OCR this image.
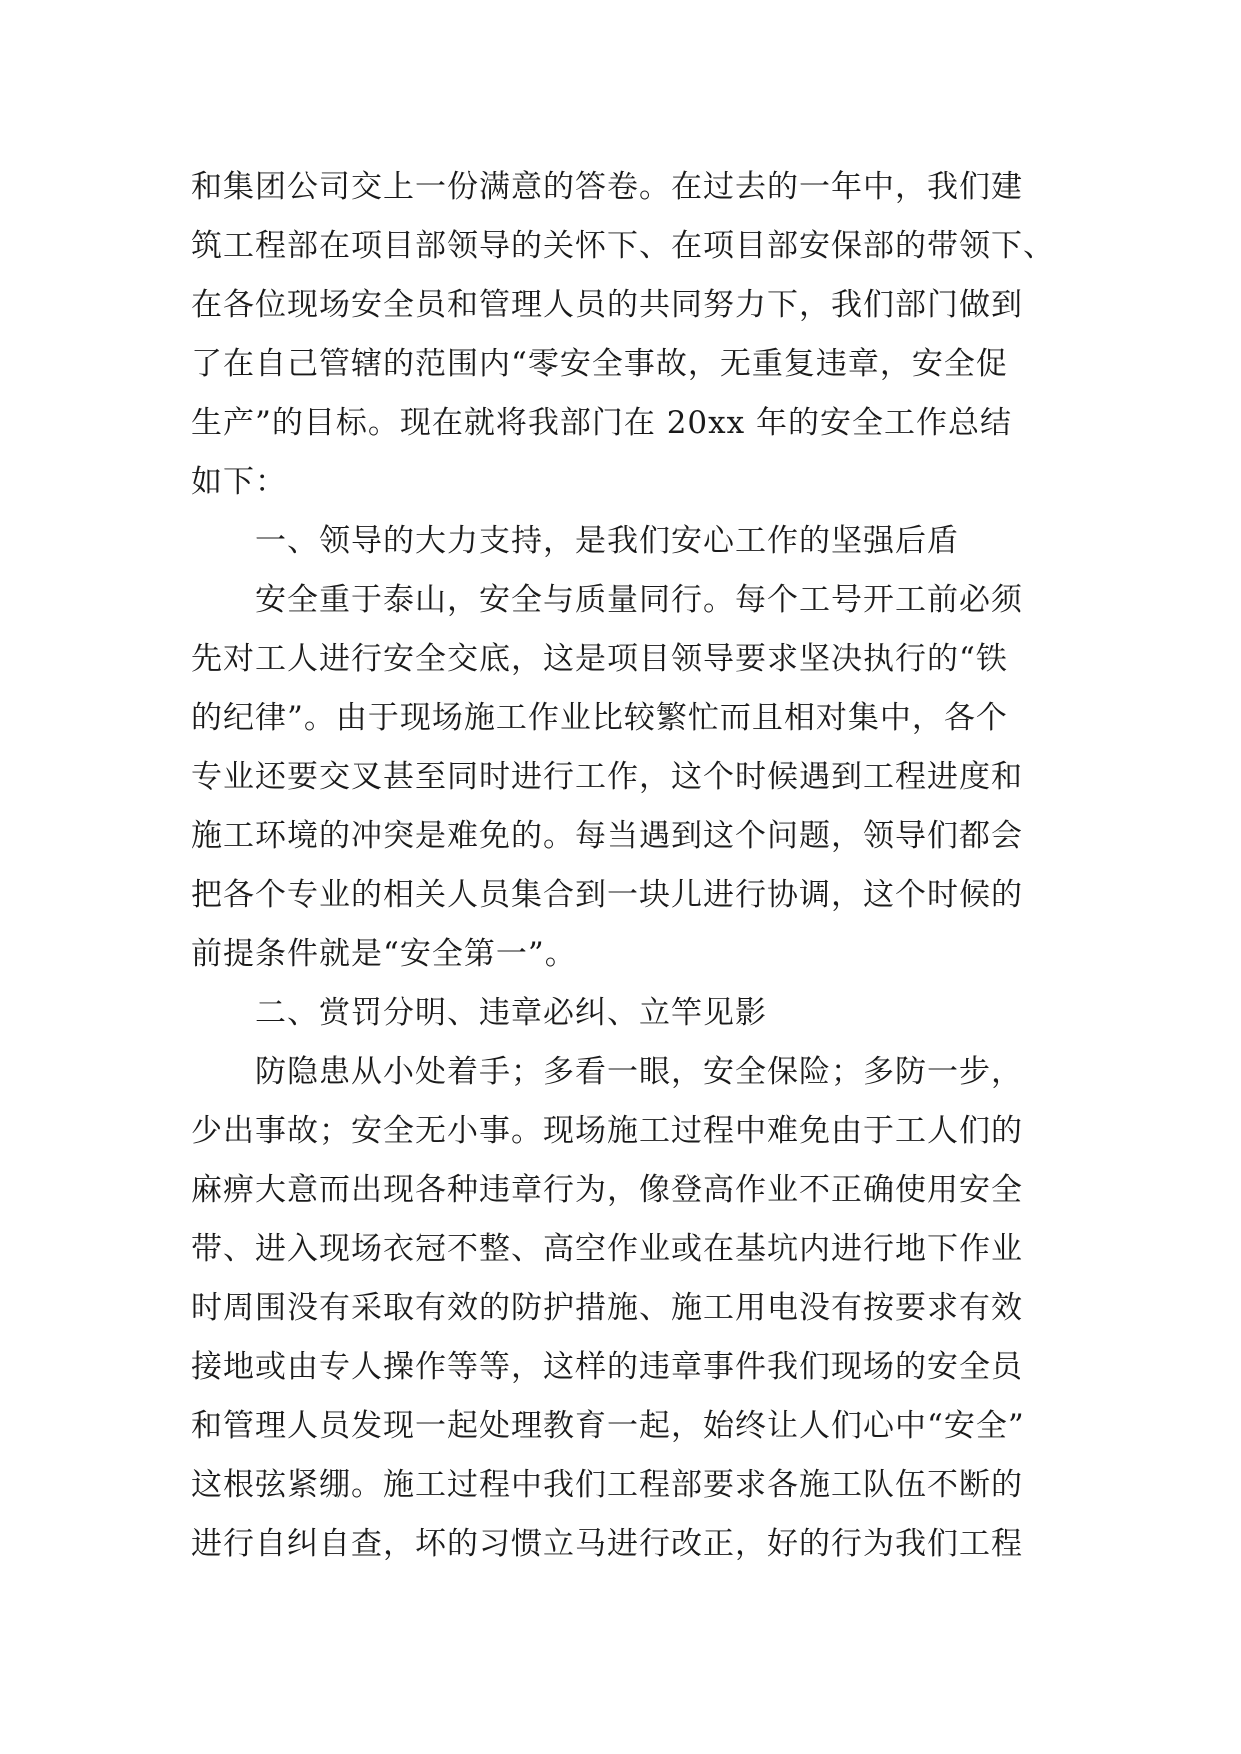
和集团公司交上一份满意的答卷。在过去的一年中，我们建
筑工程部在项目部领导的关怀下、在项目部安保部的带领下、
在各位现场安全员和管理人员的共同努力下，我们部门做到
了在自己管辖的范围内“零安全事故，无重复违章，安全促
生产”的目标。现在就将我部门在 20xx 年的安全工作总结
如下：
一、领导的大力支持，是我们安心工作的坚强后盾
安全重于泰山，安全与质量同行。每个工号开工前必须
先对工人进行安全交底，这是项目领导要求坚决执行的“铁
的纪律”。由于现场施工作业比较繁忙而且相对集中，各个
专业还要交叉甚至同时进行工作，这个时候遇到工程进度和
施工环境的冲突是难免的。每当遇到这个问题，领导们都会
把各个专业的相关人员集合到一块儿进行协调，这个时候的
前提条件就是“安全第一”。
二、赏罚分明、违章必纠、立竿见影
防隐患从小处着手；多看一眼，安全保险；多防一步，
少出事故；安全无小事。现场施工过程中难免由于工人们的
麻痹大意而出现各种违章行为，像登高作业不正确使用安全
带、进入现场衣冠不整、高空作业或在基坑内进行地下作业
时周围没有采取有效的防护措施、施工用电没有按要求有效
接地或由专人操作等等，这样的违章事件我们现场的安全员
和管理人员发现一起处理教育一起，始终让人们心中“安全”
这根弦紧绷。施工过程中我们工程部要求各施工队伍不断的
进行自纠自查，坏的习惯立马进行改正，好的行为我们工程
